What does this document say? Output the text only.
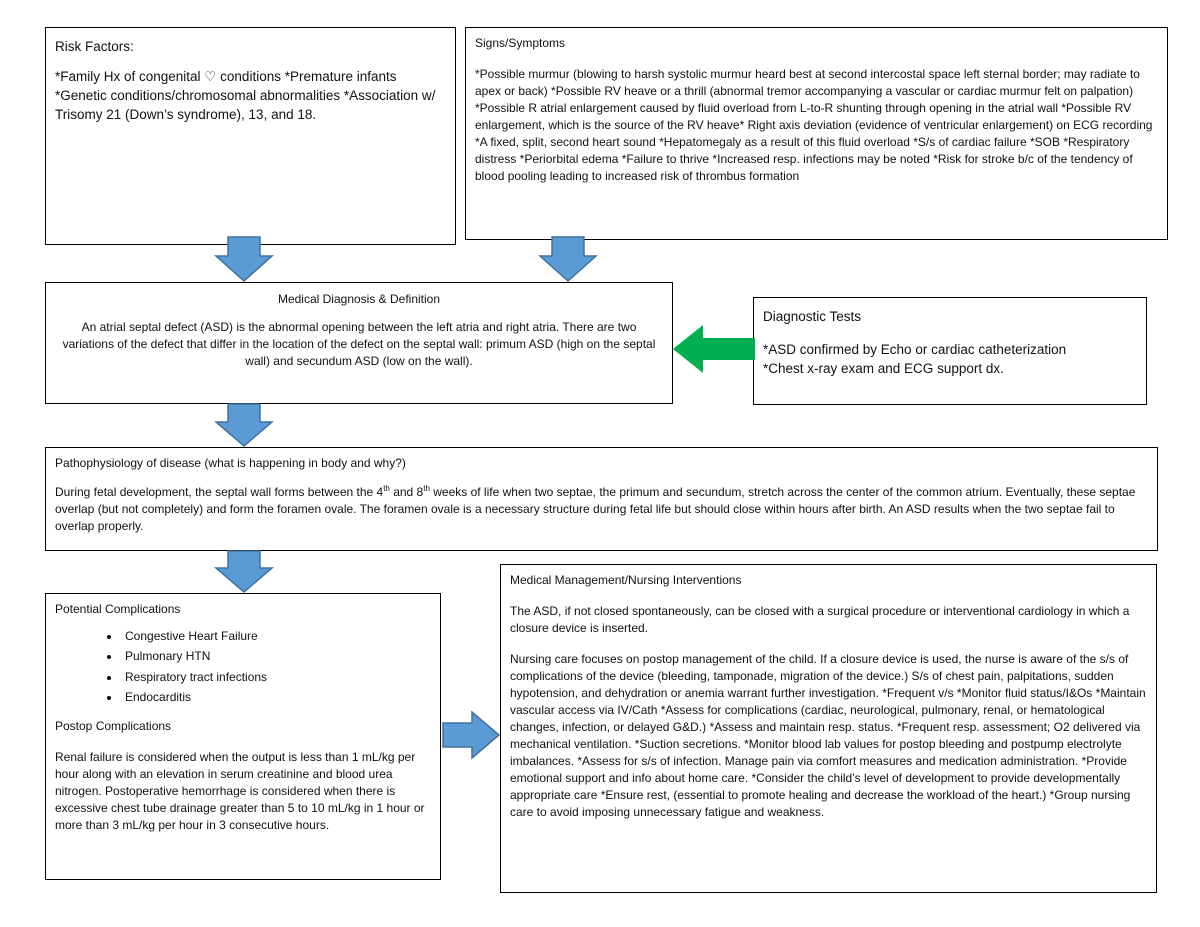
Risk Factors:

*Family Hx of congenital ♡ conditions *Premature infants *Genetic conditions/chromosomal abnormalities *Association w/ Trisomy 21 (Down’s syndrome), 13, and 18.

Signs/Symptoms

*Possible murmur (blowing to harsh systolic murmur heard best at second intercostal space left sternal border; may radiate to apex or back) *Possible RV heave or a thrill (abnormal tremor accompanying a vascular or cardiac murmur felt on palpation) *Possible R atrial enlargement caused by fluid overload from L-to-R shunting through opening in the atrial wall *Possible RV enlargement, which is the source of the RV heave* Right axis deviation (evidence of ventricular enlargement) on ECG recording *A fixed, split, second heart sound *Hepatomegaly as a result of this fluid overload *S/s of cardiac failure *SOB *Respiratory distress *Periorbital edema *Failure to thrive *Increased resp. infections may be noted *Risk for stroke b/c of the tendency of blood pooling leading to increased risk of thrombus formation

Medical Diagnosis & Definition

An atrial septal defect (ASD) is the abnormal opening between the left atria and right atria. There are two variations of the defect that differ in the location of the defect on the septal wall: primum ASD (high on the septal wall) and secundum ASD (low on the wall).

Diagnostic Tests

*ASD confirmed by Echo or cardiac catheterization

*Chest x-ray exam and ECG support dx.

Pathophysiology of disease (what is happening in body and why?)

During fetal development, the septal wall forms between the 4th and 8th weeks of life when two septae, the primum and secundum, stretch across the center of the common atrium. Eventually, these septae overlap (but not completely) and form the foramen ovale. The foramen ovale is a necessary structure during fetal life but should close within hours after birth. An ASD results when the two septae fail to overlap properly.

Potential Complications

• Congestive Heart Failure
• Pulmonary HTN
• Respiratory tract infections
• Endocarditis

Postop Complications

Renal failure is considered when the output is less than 1 mL/kg per hour along with an elevation in serum creatinine and blood urea nitrogen. Postoperative hemorrhage is considered when there is excessive chest tube drainage greater than 5 to 10 mL/kg in 1 hour or more than 3 mL/kg per hour in 3 consecutive hours.

Medical Management/Nursing Interventions

The ASD, if not closed spontaneously, can be closed with a surgical procedure or interventional cardiology in which a closure device is inserted.

Nursing care focuses on postop management of the child. If a closure device is used, the nurse is aware of the s/s of complications of the device (bleeding, tamponade, migration of the device.) S/s of chest pain, palpitations, sudden hypotension, and dehydration or anemia warrant further investigation. *Frequent v/s *Monitor fluid status/I&Os *Maintain vascular access via IV/Cath *Assess for complications (cardiac, neurological, pulmonary, renal, or hematological changes, infection, or delayed G&D.) *Assess and maintain resp. status. *Frequent resp. assessment; O2 delivered via mechanical ventilation. *Suction secretions. *Monitor blood lab values for postop bleeding and postpump electrolyte imbalances. *Assess for s/s of infection. Manage pain via comfort measures and medication administration. *Provide emotional support and info about home care. *Consider the child’s level of development to provide developmentally appropriate care *Ensure rest, (essential to promote healing and decrease the workload of the heart.) *Group nursing care to avoid imposing unnecessary fatigue and weakness.
